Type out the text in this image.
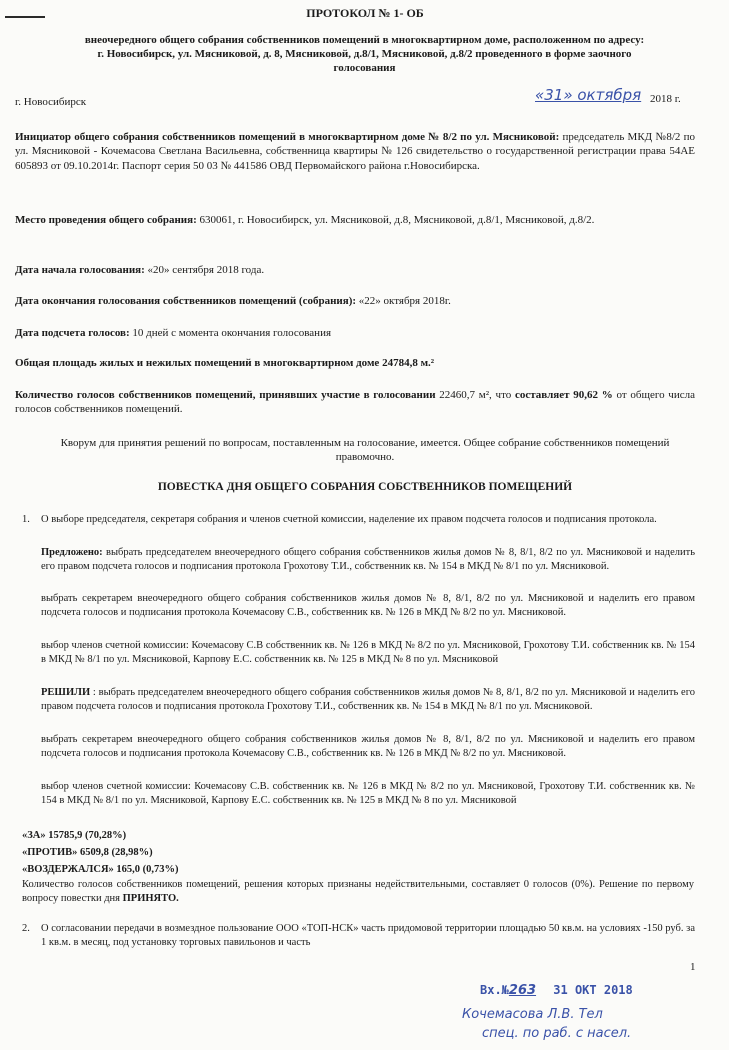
ПРОТОКОЛ № 1- ОБ
внеочередного общего собрания собственников помещений в многоквартирном доме, расположенном по адресу:
г. Новосибирск, ул. Мясниковой, д. 8, Мясниковой, д.8/1, Мясниковой, д.8/2 проведенного в форме заочного
голосования
г. Новосибирск	«31» октября 2018 г.
Инициатор общего собрания собственников помещений в многоквартирном доме № 8/2 по ул. Мясниковой: председатель МКД №8/2 по ул. Мясниковой - Кочемасова Светлана Васильевна, собственница квартиры № 126 свидетельство о государственной регистрации права 54АЕ 605893 от 09.10.2014г. Паспорт серия 50 03 № 441586 ОВД Первомайского района г.Новосибирска.
Место проведения общего собрания: 630061, г. Новосибирск, ул. Мясниковой, д.8, Мясниковой, д.8/1, Мясниковой, д.8/2.
Дата начала голосования: «20» сентября 2018 года.
Дата окончания голосования собственников помещений (собрания): «22» октября 2018г.
Дата подсчета голосов: 10 дней с момента окончания голосования
Общая площадь жилых и нежилых помещений в многоквартирном доме 24784,8 м.²
Количество голосов собственников помещений, принявших участие в голосовании 22460,7 м², что составляет 90,62 % от общего числа голосов собственников помещений.
Кворум для принятия решений по вопросам, поставленным на голосование, имеется. Общее собрание собственников помещений правомочно.
ПОВЕСТКА ДНЯ ОБЩЕГО СОБРАНИЯ СОБСТВЕННИКОВ ПОМЕЩЕНИЙ
1. О выборе председателя, секретаря собрания и членов счетной комиссии, наделение их правом подсчета голосов и подписания протокола.
Предложено: выбрать председателем внеочередного общего собрания собственников жилья домов № 8, 8/1, 8/2 по ул. Мясниковой и наделить его правом подсчета голосов и подписания протокола Грохотову Т.И., собственник кв. № 154 в МКД № 8/1 по ул. Мясниковой.
выбрать секретарем внеочередного общего собрания собственников жилья домов № 8, 8/1, 8/2 по ул. Мясниковой и наделить его правом подсчета голосов и подписания протокола Кочемасову С.В., собственник кв. № 126 в МКД № 8/2 по ул. Мясниковой.
выбор членов счетной комиссии: Кочемасову С.В собственник кв. № 126 в МКД № 8/2 по ул. Мясниковой, Грохотову Т.И. собственник кв. № 154 в МКД № 8/1 по ул. Мясниковой, Карпову Е.С. собственник кв. № 125 в МКД № 8 по ул. Мясниковой
РЕШИЛИ : выбрать председателем внеочередного общего собрания собственников жилья домов № 8, 8/1, 8/2 по ул. Мясниковой и наделить его правом подсчета голосов и подписания протокола Грохотову Т.И., собственник кв. № 154 в МКД № 8/1 по ул. Мясниковой.
выбрать секретарем внеочередного общего собрания собственников жилья домов № 8, 8/1, 8/2 по ул. Мясниковой и наделить его правом подсчета голосов и подписания протокола Кочемасову С.В., собственник кв. № 126 в МКД № 8/2 по ул. Мясниковой.
выбор членов счетной комиссии: Кочемасову С.В. собственник кв. № 126 в МКД № 8/2 по ул. Мясниковой, Грохотову Т.И. собственник кв. № 154 в МКД № 8/1 по ул. Мясниковой, Карпову Е.С. собственник кв. № 125 в МКД № 8 по ул. Мясниковой
«ЗА» 15785,9 (70,28%)
«ПРОТИВ» 6509,8 (28,98%)
«ВОЗДЕРЖАЛСЯ» 165,0 (0,73%)
Количество голосов собственников помещений, решения которых признаны недействительными, составляет 0 голосов (0%). Решение по первому вопросу повестки дня ПРИНЯТО.
2. О согласовании передачи в возмездное пользование ООО «ТОП-НСК» часть придомовой территории площадью 50 кв.м. на условиях -150 руб. за 1 кв.м. в месяц, под установку торговых павильонов и часть
1
Вх.№263 31 ОКТ 2018
Кочемасова Л.В. Тел
спец. по раб. с насел.
